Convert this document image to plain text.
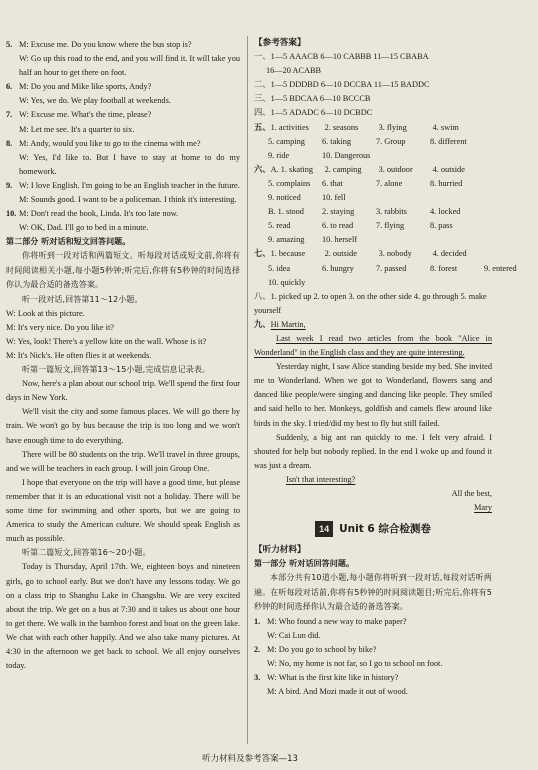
5. M: Excuse me. Do you know where the bus stop is?
W: Go up this road to the end, and you will find it. It will take you half an hour to get there on foot.
6. M: Do you and Mike like sports, Andy?
W: Yes, we do. We play football at weekends.
7. W: Excuse me. What's the time, please?
M: Let me see. It's a quarter to six.
8. M: Andy, would you like to go to the cinema with me?
W: Yes, I'd like to. But I have to stay at home to do my homework.
9. W: I love English. I'm going to be an English teacher in the future.
M: Sounds good. I want to be a policeman. I think it's interesting.
10. M: Don't read the book, Linda. It's too late now.
W: OK, Dad. I'll go to bed in a minute.
第二部分 听对话和短文回答问题。
你将听到一段对话和两篇短文。听每段对话或短文前,你将有时间阅读相关小题,每小题5秒钟;听完后,你将有5秒钟的时间选择你认为最合适的备选答案。
听一段对话,回答第11～12小题。
W: Look at this picture.
M: It's very nice. Do you like it?
W: Yes, look! There's a yellow kite on the wall. Whose is it?
M: It's Nick's. He often flies it at weekends.
听第一篇短文,回答第13～15小题,完成信息记录表。
Now, here's a plan about our school trip. We'll spend the first four days in New York.
We'll visit the city and some famous places. We will go there by train. We won't go by bus because the trip is too long and we won't have enough time to do everything.
There will be 80 students on the trip. We'll travel in three groups, and we will be teachers in each group. I will join Group One.
I hope that everyone on the trip will have a good time, but please remember that it is an educational visit not a holiday. There will be some time for swimming and other sports, but we are going to America to study the American culture. We should speak English as much as possible.
听第二篇短文,回答第16～20小题。
Today is Thursday, April 17th. We, eighteen boys and nineteen girls, go to school early. But we don't have any lessons today. We go on a class trip to Shanghu Lake in Changshu. We are very excited about the trip. We get on a bus at 7:30 and it takes us about one hour to get there. We walk in the bamboo forest and boat on the green lake. We chat with each other happily. And we also take many pictures. At 4:30 in the afternoon we get back to school. We all enjoy ourselves today.
【参考答案】
一、1—5 AAACB 6—10 CABBB 11—15 CBABA
16—20 ACABB
二、1—5 DDDBD 6—10 DCCBA 11—15 BADDC
三、1—5 BDCAA 6—10 BCCCB
四、1—5 ADADC 6—10 DCBDC
五、1. activities 2. seasons 3. flying	4. swim
5. camping 6. taking	7. Group	8. different
9. ride	10. Dangerous
六、A. 1. skating 2. camping 3. outdoor 4. outside
5. complains 6. that	7. alone	8. hurried
9. noticed	10. fell
B. 1. stood 2. staying	3. rabbits	4. locked
5. read	6. to read	7. flying	8. pass
9. amazing 10. herself
七、1. because 2. outside	3. nobody	4. decided
5. idea	6. hungry	7. passed	8. forest	9. entered
10. quickly
八、1. picked up 2. to open 3. on the other side 4. go through 5. make yourself
九、Hi Martin,
Last week I read two articles from the book "Alice in Wonderland" in the English class and they are quite interesting.
Yesterday night, I saw Alice standing beside my bed. She invited me to Wonderland. When we got to Wonderland, flowers sang and danced like people/were singing and dancing like people. They smiled and said hello to her. Monkeys, goldfish and camels flew around like birds in the sky. I tried/did my best to fly but still failed.
Suddenly, a big ant ran quickly to me. I felt very afraid. I shouted for help but nobody replied. In the end I woke up and found it was just a dream.
Isn't that interesting?
All the best,
Mary
14 Unit 6 综合检测卷
【听力材料】
第一部分 听对话回答问题。
本部分共有10道小题,每小题你将听到一段对话,每段对话听两遍。在听每段对话前,你将有5秒钟的时间阅读题目;听完后,你将有5秒钟的时间选择你认为最合适的备选答案。
1. M: Who found a new way to make paper?
W: Cai Lun did.
2. M: Do you go to school by bike?
W: No, my home is not far, so I go to school on foot.
3. W: What is the first kite like in history?
M: A bird. And Mozi made it out of wood.
听力材料及参考答案—13
